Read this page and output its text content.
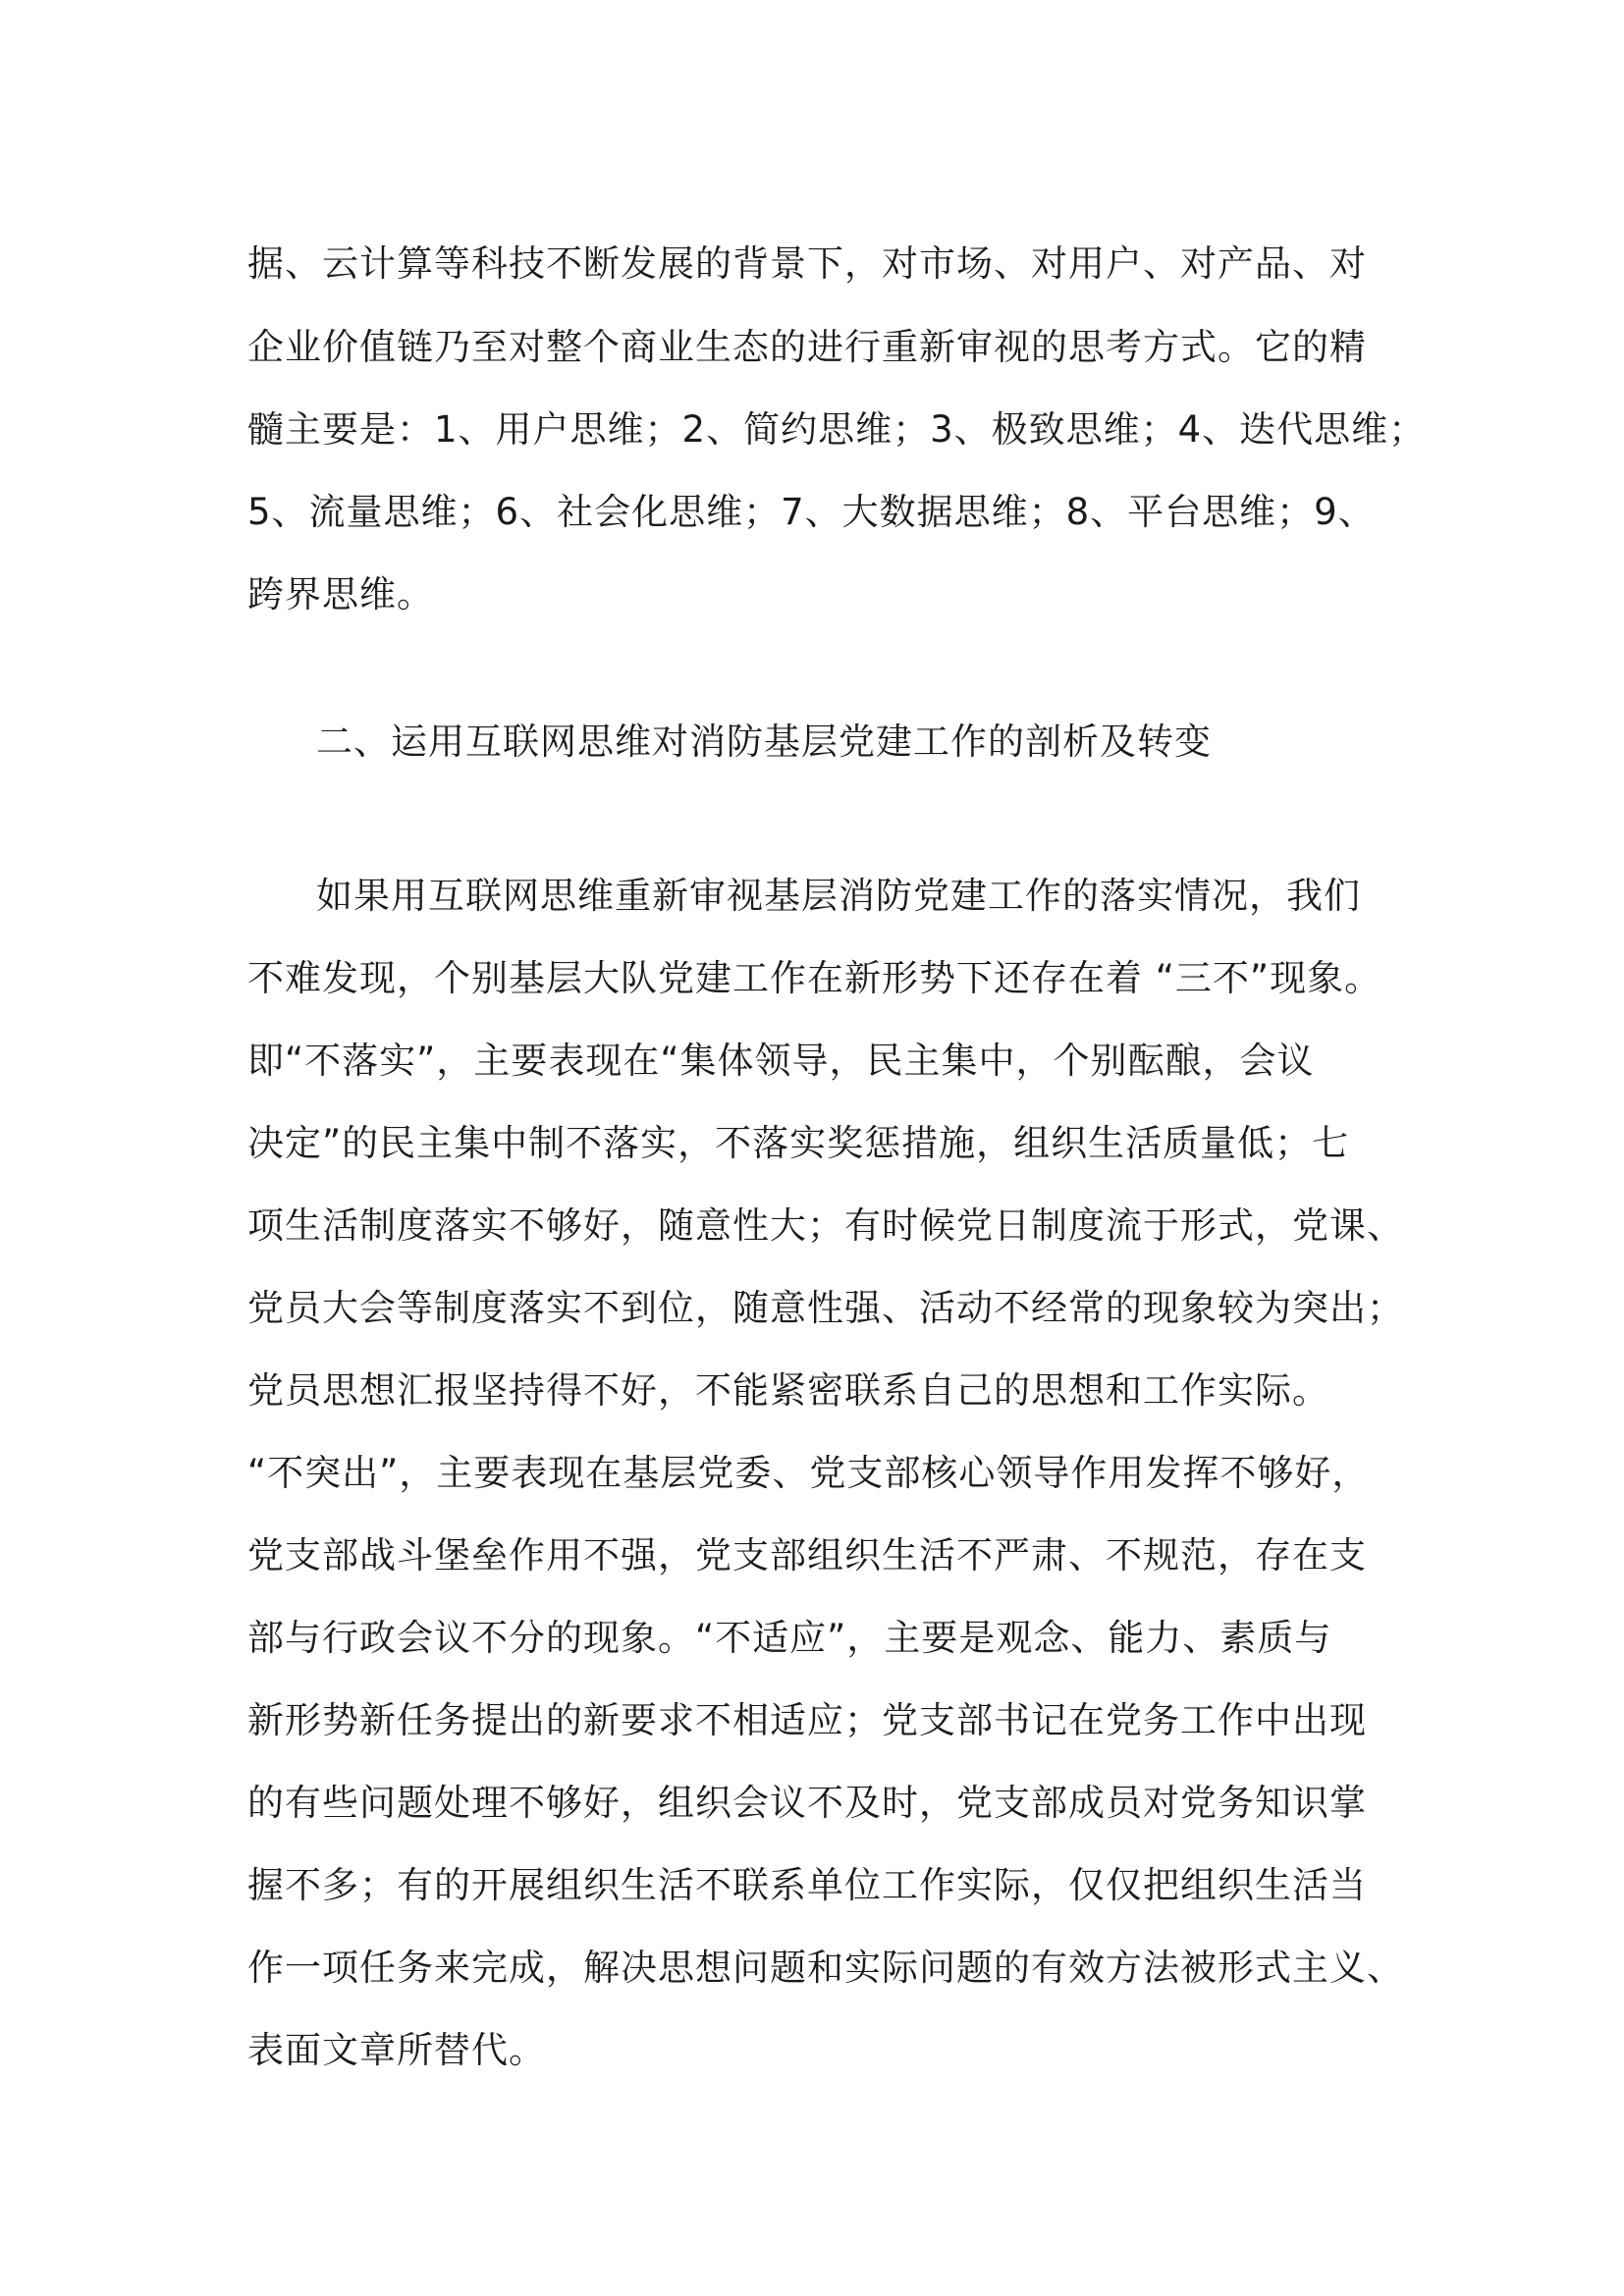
据、云计算等科技不断发展的背景下，对市场、对用户、对产品、对
企业价值链乃至对整个商业生态的进行重新审视的思考方式。它的精
髓主要是：1、用户思维；2、简约思维；3、极致思维；4、迭代思维；
5、流量思维；6、社会化思维；7、大数据思维；8、平台思维；9、
跨界思维。
二、运用互联网思维对消防基层党建工作的剖析及转变
如果用互联网思维重新审视基层消防党建工作的落实情况，我们
不难发现，个别基层大队党建工作在新形势下还存在着 “三不”现象。
即“不落实”，主要表现在“集体领导，民主集中，个别酝酿，会议
决定”的民主集中制不落实，不落实奖惩措施，组织生活质量低；七
项生活制度落实不够好，随意性大；有时候党日制度流于形式，党课、
党员大会等制度落实不到位，随意性强、活动不经常的现象较为突出；
党员思想汇报坚持得不好，不能紧密联系自己的思想和工作实际。
“不突出”，主要表现在基层党委、党支部核心领导作用发挥不够好，
党支部战斗堡垒作用不强，党支部组织生活不严肃、不规范，存在支
部与行政会议不分的现象。“不适应”，主要是观念、能力、素质与
新形势新任务提出的新要求不相适应；党支部书记在党务工作中出现
的有些问题处理不够好，组织会议不及时，党支部成员对党务知识掌
握不多；有的开展组织生活不联系单位工作实际，仅仅把组织生活当
作一项任务来完成，解决思想问题和实际问题的有效方法被形式主义、
表面文章所替代。
